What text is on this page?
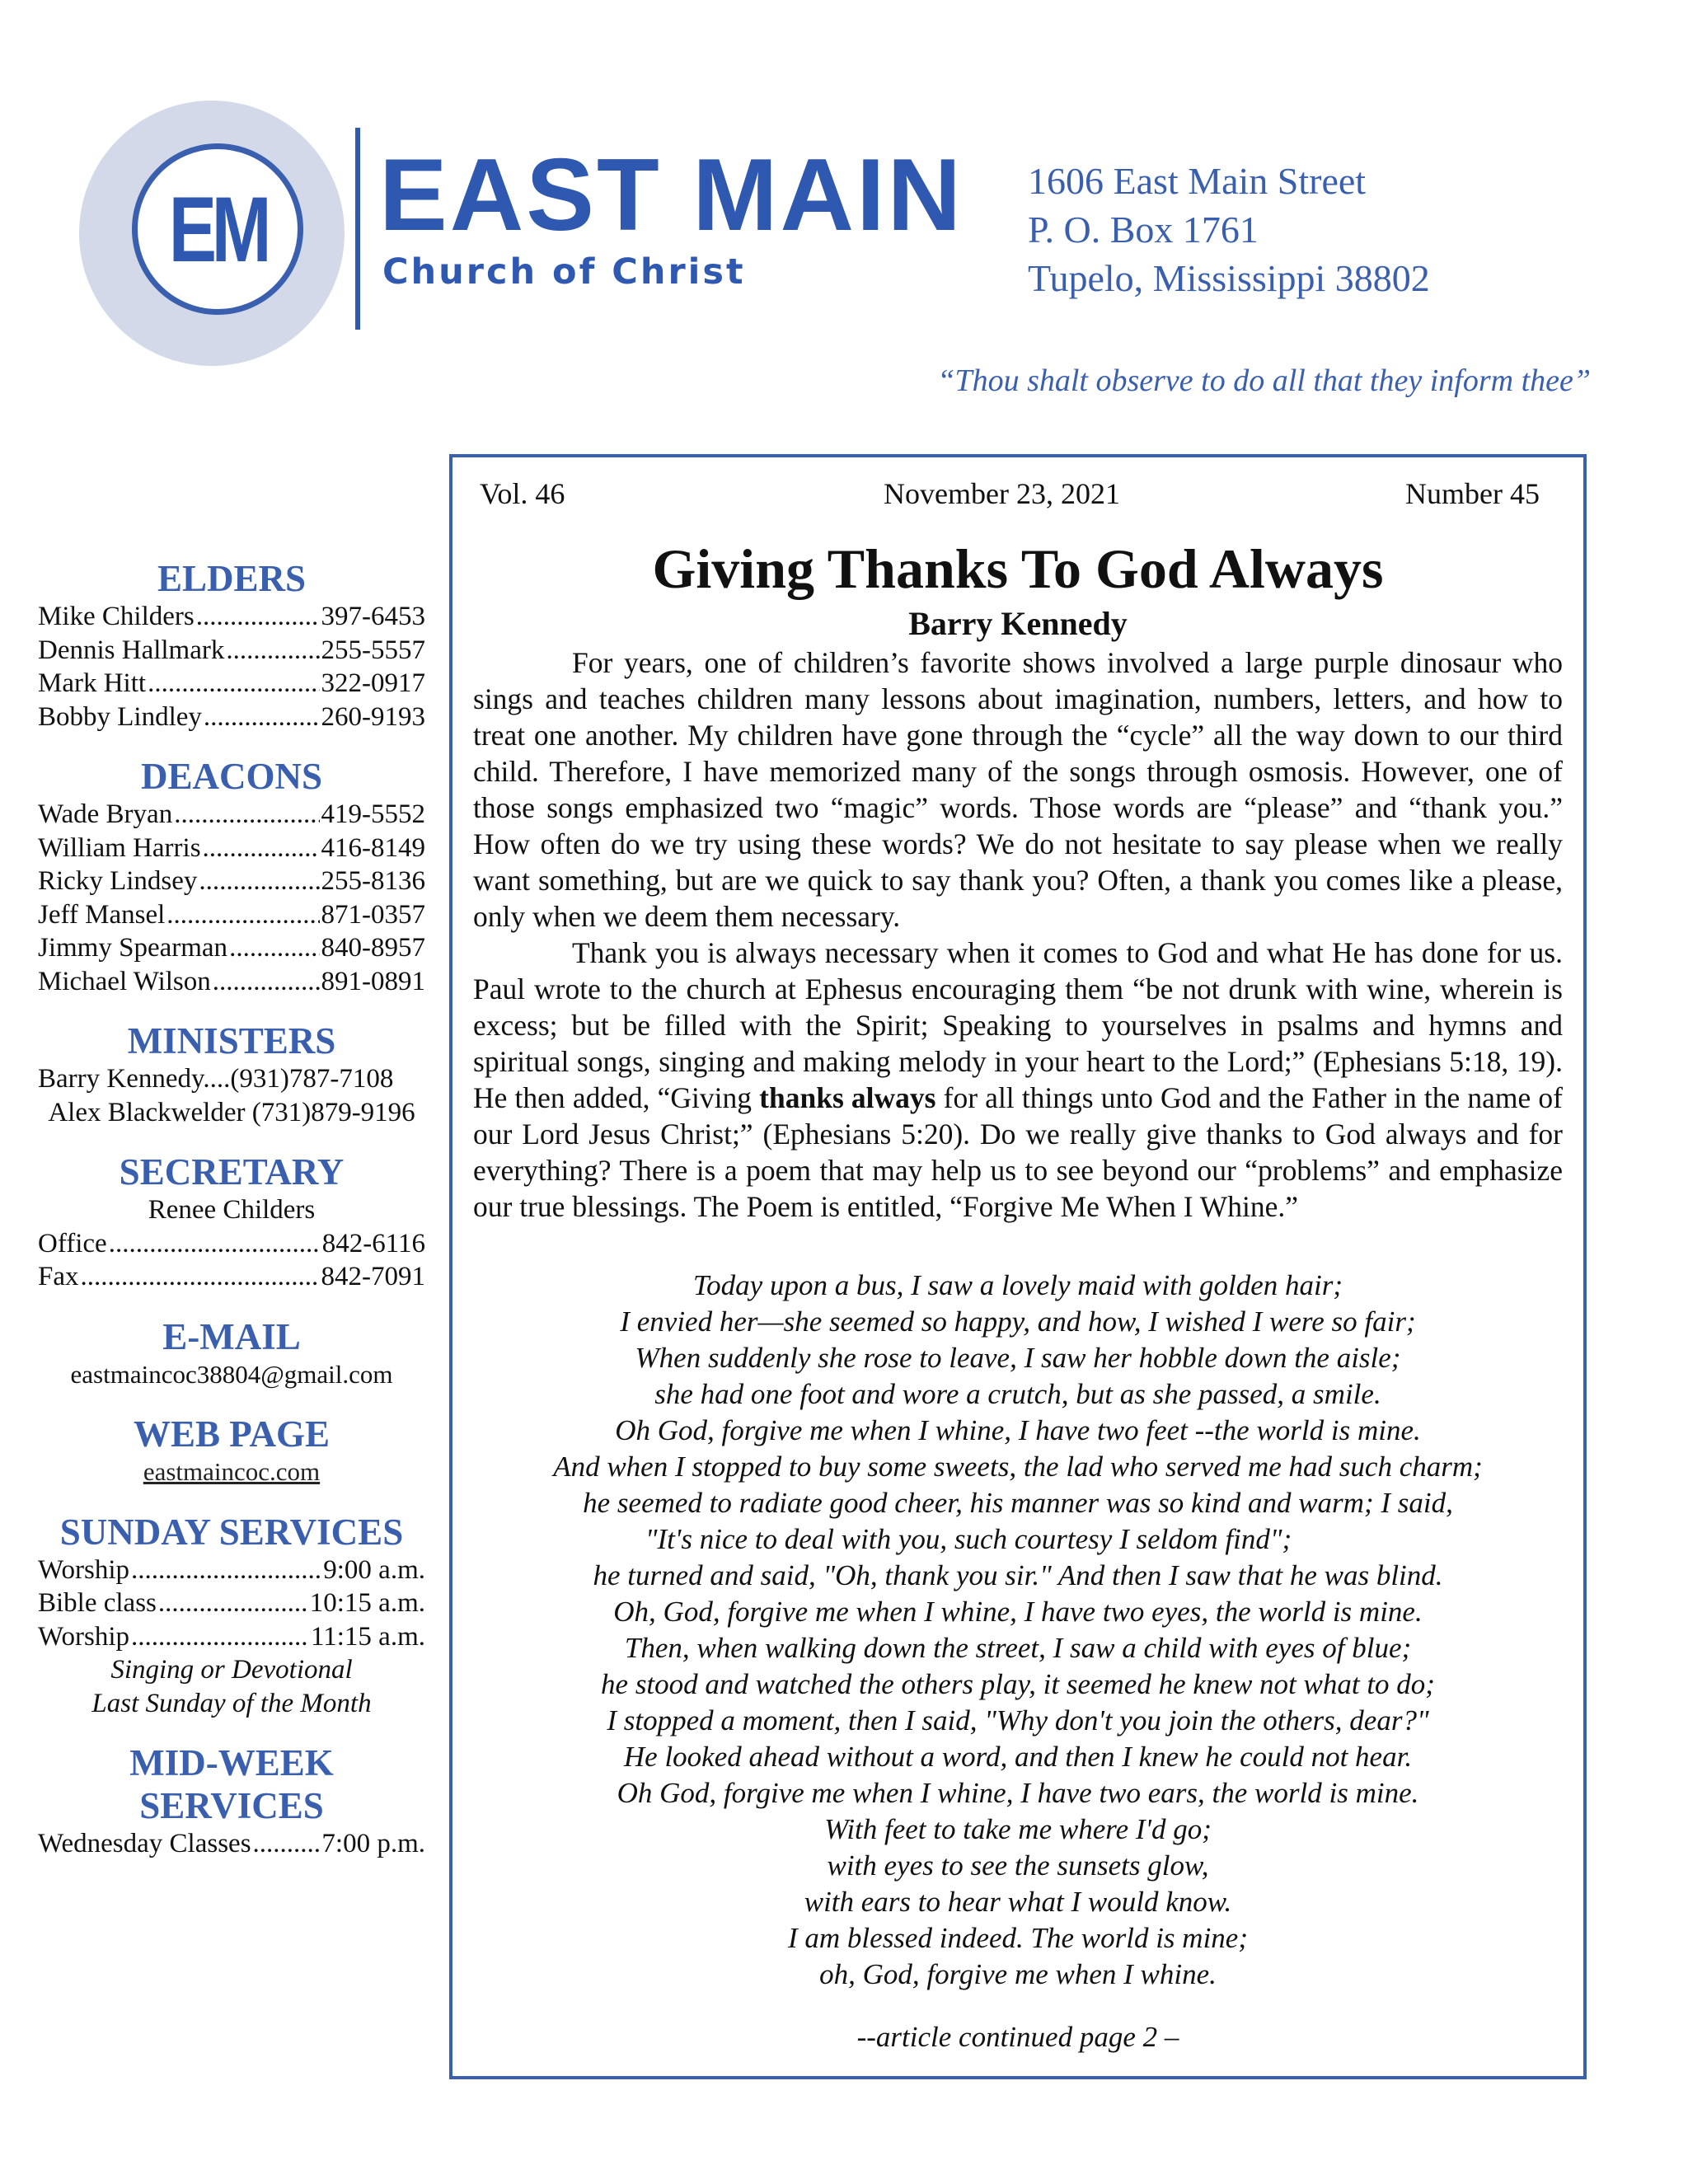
EM EAST MAIN
Church of Christ
1606 East Main Street
P. O. Box 1761
Tupelo, Mississippi 38802
“Thou shalt observe to do all that they inform thee”
ELDERS
Mike Childers .....	397-6453
Dennis Hallmark .....	255-5557
Mark Hitt .....	322-0917
Bobby Lindley .....	260-9193
DEACONS
Wade Bryan .....	419-5552
William Harris .....	416-8149
Ricky Lindsey .....	255-8136
Jeff Mansel .....	871-0357
Jimmy Spearman .....	840-8957
Michael Wilson .....	891-0891
MINISTERS
Barry Kennedy....(931)787-7108
Alex Blackwelder (731)879-9196
SECRETARY
Renee Childers
Office .....	842-6116
Fax .....	842-7091
E-MAIL
eastmaincoc38804@gmail.com
WEB PAGE
eastmaincoc.com
SUNDAY SERVICES
Worship .....	9:00 a.m.
Bible class .....	10:15 a.m.
Worship .....	11:15 a.m.
Singing or Devotional
Last Sunday of the Month
MID-WEEK
SERVICES
Wednesday Classes .....	7:00 p.m.
Vol. 46	November 23, 2021	Number 45
Giving Thanks To God Always
Barry Kennedy

For years, one of children’s favorite shows involved a large purple dinosaur who sings and teaches children many lessons about imagination, numbers, letters, and how to treat one another. My children have gone through the “cycle” all the way down to our third child. Therefore, I have memorized many of the songs through osmosis. However, one of those songs emphasized two “magic” words. Those words are “please” and “thank you.” How often do we try using these words? We do not hesitate to say please when we really want something, but are we quick to say thank you? Often, a thank you comes like a please, only when we deem them necessary.

Thank you is always necessary when it comes to God and what He has done for us. Paul wrote to the church at Ephesus encouraging them “be not drunk with wine, wherein is excess; but be filled with the Spirit; Speaking to yourselves in psalms and hymns and spiritual songs, singing and making melody in your heart to the Lord;” (Ephesians 5:18, 19). He then added, “Giving thanks always for all things unto God and the Father in the name of our Lord Jesus Christ;” (Ephesians 5:20). Do we really give thanks to God always and for everything? There is a poem that may help us to see beyond our “problems” and emphasize our true blessings. The Poem is entitled, “Forgive Me When I Whine.”

Today upon a bus, I saw a lovely maid with golden hair;
I envied her—she seemed so happy, and how, I wished I were so fair;
When suddenly she rose to leave, I saw her hobble down the aisle;
she had one foot and wore a crutch, but as she passed, a smile.
Oh God, forgive me when I whine, I have two feet --the world is mine.
And when I stopped to buy some sweets, the lad who served me had such charm;
he seemed to radiate good cheer, his manner was so kind and warm; I said,
"It's nice to deal with you, such courtesy I seldom find";
he turned and said, "Oh, thank you sir." And then I saw that he was blind.
Oh, God, forgive me when I whine, I have two eyes, the world is mine.
Then, when walking down the street, I saw a child with eyes of blue;
he stood and watched the others play, it seemed he knew not what to do;
I stopped a moment, then I said, "Why don't you join the others, dear?"
He looked ahead without a word, and then I knew he could not hear.
Oh God, forgive me when I whine, I have two ears, the world is mine.
With feet to take me where I'd go;
with eyes to see the sunsets glow,
with ears to hear what I would know.
I am blessed indeed. The world is mine;
oh, God, forgive me when I whine.
--article continued page 2 –
